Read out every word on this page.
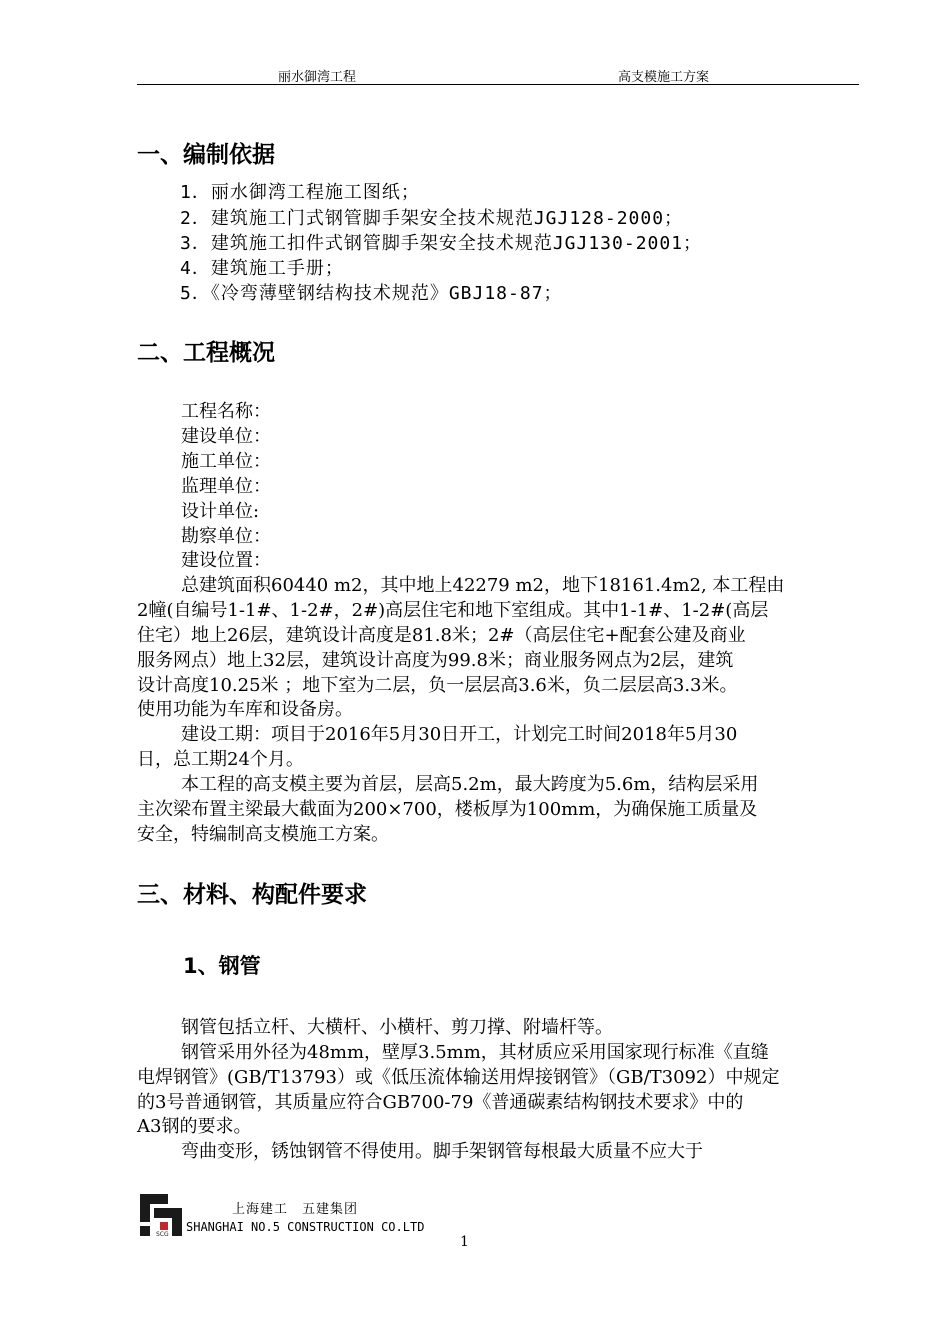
丽水御湾工程	高支模施工方案
一、编制依据
1．丽水御湾工程施工图纸；
2．建筑施工门式钢管脚手架安全技术规范JGJ128-2000；
3．建筑施工扣件式钢管脚手架安全技术规范JGJ130-2001；
4．建筑施工手册；
5．《冷弯薄壁钢结构技术规范》GBJ18-87；
二、工程概况
工程名称：
建设单位：
施工单位：
监理单位：
设计单位:
勘察单位：
建设位置：
总建筑面积60440 m2，其中地上42279 m2，地下18161.4m2, 本工程由
2幢(自编号1-1#、1-2#，2#)高层住宅和地下室组成。其中1-1#、1-2#(高层
住宅）地上26层，建筑设计高度是81.8米；2#（高层住宅+配套公建及商业
服务网点）地上32层，建筑设计高度为99.8米；商业服务网点为2层，建筑
设计高度10.25米 ；地下室为二层，负一层层高3.6米，负二层层高3.3米。
使用功能为车库和设备房。
建设工期：项目于2016年5月30日开工，计划完工时间2018年5月30
日，总工期24个月。
本工程的高支模主要为首层，层高5.2m，最大跨度为5.6m，结构层采用
主次梁布置主梁最大截面为200×700，楼板厚为100mm，为确保施工质量及
安全，特编制高支模施工方案。
三、材料、构配件要求
1、钢管
钢管包括立杆、大横杆、小横杆、剪刀撑、附墙杆等。
钢管采用外径为48mm，壁厚3.5mm，其材质应采用国家现行标准《直缝
电焊钢管》(GB/T13793）或《低压流体输送用焊接钢管》（GB/T3092）中规定
的3号普通钢管，其质量应符合GB700-79《普通碳素结构钢技术要求》中的
A3钢的要求。
弯曲变形，锈蚀钢管不得使用。脚手架钢管每根最大质量不应大于
SCG
上海建工　五建集团
SHANGHAI NO.5 CONSTRUCTION CO.LTD
1
